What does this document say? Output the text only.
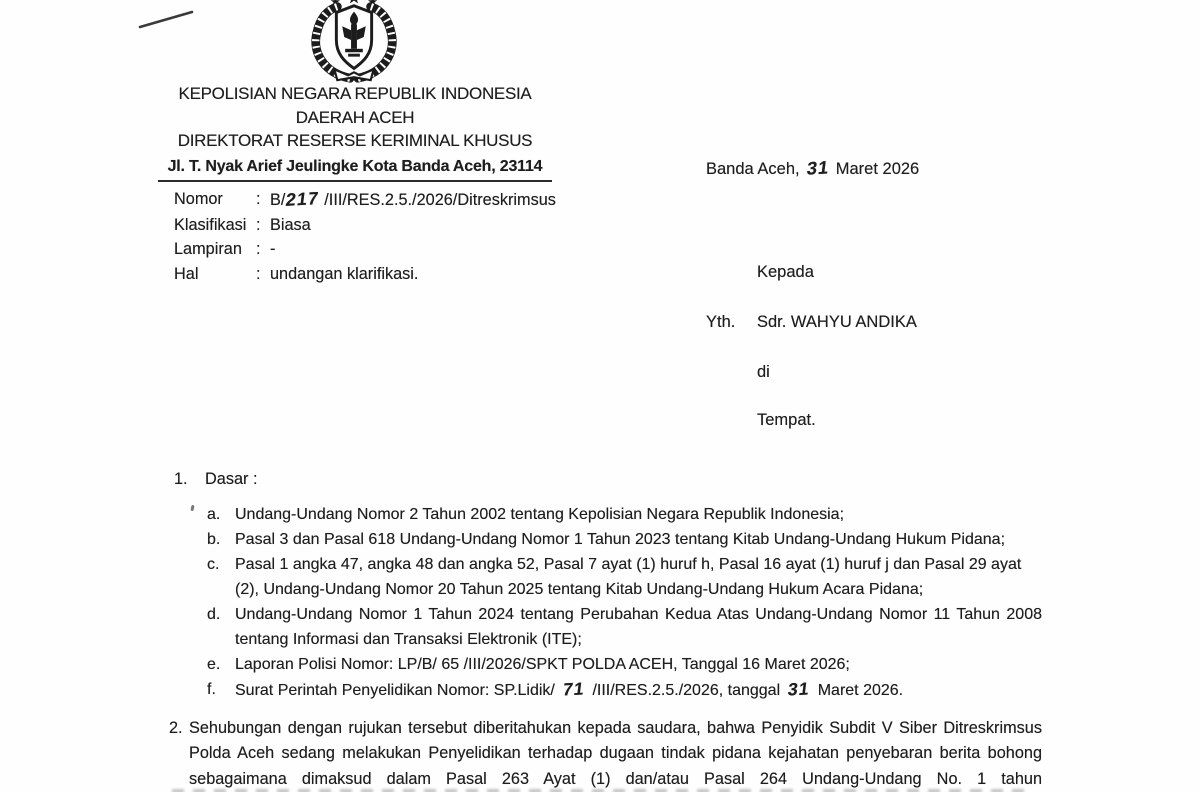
KEPOLISIAN NEGARA REPUBLIK INDONESIA
DAERAH ACEH
DIREKTORAT RESERSE KERIMINAL KHUSUS
Jl. T. Nyak Arief Jeulingke Kota Banda Aceh, 23114	Banda Aceh, 31 Maret 2026
Nomor	: B/217 /III/RES.2.5./2026/Ditreskrimsus
Klasifikasi : Biasa
Lampiran : -
Hal	: undangan klarifikasi.	Kepada
Yth.	Sdr. WAHYU ANDIKA
di
Tempat.
1.	Dasar :
a. Undang-Undang Nomor 2 Tahun 2002 tentang Kepolisian Negara Republik Indonesia;
b. Pasal 3 dan Pasal 618 Undang-Undang Nomor 1 Tahun 2023 tentang Kitab Undang-Undang Hukum Pidana;
c. Pasal 1 angka 47, angka 48 dan angka 52, Pasal 7 ayat (1) huruf h, Pasal 16 ayat (1) huruf j dan Pasal 29 ayat (2), Undang-Undang Nomor 20 Tahun 2025 tentang Kitab Undang-Undang Hukum Acara Pidana;
d. Undang-Undang Nomor 1 Tahun 2024 tentang Perubahan Kedua Atas Undang-Undang Nomor 11 Tahun 2008 tentang Informasi dan Transaksi Elektronik (ITE);
e. Laporan Polisi Nomor: LP/B/ 65 /III/2026/SPKT POLDA ACEH, Tanggal 16 Maret 2026;
f.	Surat Perintah Penyelidikan Nomor: SP.Lidik/ 71 /III/RES.2.5./2026, tanggal 31 Maret 2026.
2. Sehubungan dengan rujukan tersebut diberitahukan kepada saudara, bahwa Penyidik Subdit V Siber Ditreskrimsus Polda Aceh sedang melakukan Penyelidikan terhadap dugaan tindak pidana kejahatan penyebaran berita bohong sebagaimana dimaksud dalam Pasal 263 Ayat (1) dan/atau Pasal 264 Undang-Undang No. 1 tahun
